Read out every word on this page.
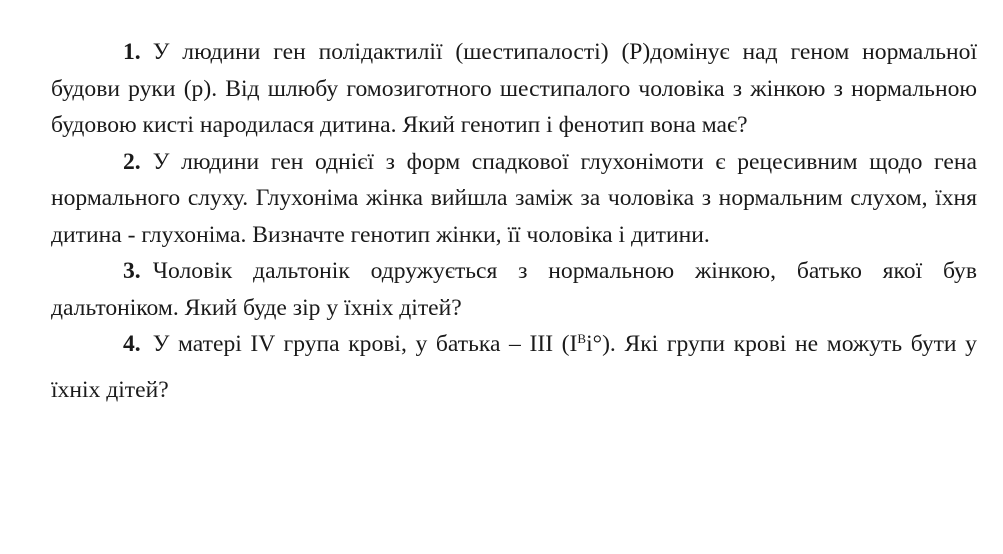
1. У людини ген полідактилії (шестипалості) (Р)домінує над геном нормальної будови руки (р). Від шлюбу гомозиготного шестипалого чоловіка з жінкою з нормальною будовою кисті народилася дитина. Який генотип і фенотип вона має?

2. У людини ген однієї з форм спадкової глухонімоти є рецесивним щодо гена нормального слуху. Глухоніма жінка вийшла заміж за чоловіка з нормальним слухом, їхня дитина - глухоніма. Визначте генотип жінки, її чоловіка і дитини.

3. Чоловік дальтонік одружується з нормальною жінкою, батько якої був дальтоніком. Який буде зір у їхніх дітей?

4. У матері IV група крові, у батька – III $(I^Bi^\circ)$. Які групи крові не можуть бути у їхніх дітей?
